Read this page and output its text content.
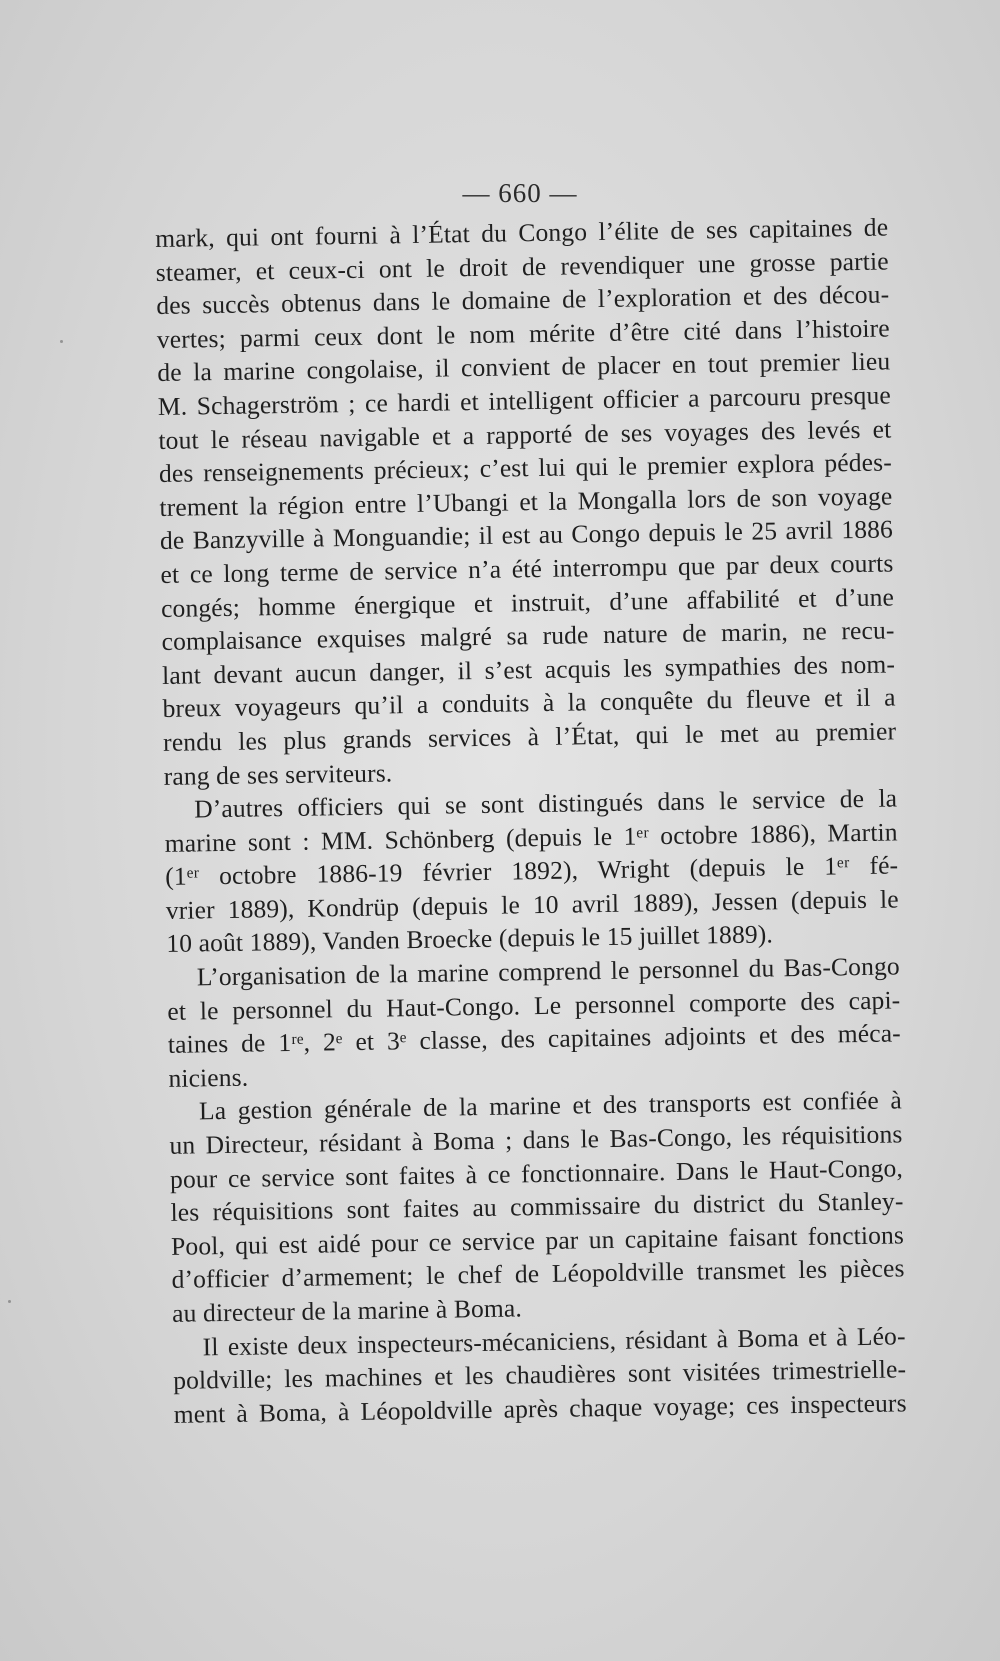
— 660 —
mark, qui ont fourni à l’État du Congo l’élite de ses capitaines de
steamer, et ceux-ci ont le droit de revendiquer une grosse partie
des succès obtenus dans le domaine de l’exploration et des décou-
vertes; parmi ceux dont le nom mérite d’être cité dans l’histoire
de la marine congolaise, il convient de placer en tout premier lieu
M. Schagerström ; ce hardi et intelligent officier a parcouru presque
tout le réseau navigable et a rapporté de ses voyages des levés et
des renseignements précieux; c’est lui qui le premier explora pédes-
trement la région entre l’Ubangi et la Mongalla lors de son voyage
de Banzyville à Monguandie; il est au Congo depuis le 25 avril 1886
et ce long terme de service n’a été interrompu que par deux courts
congés; homme énergique et instruit, d’une affabilité et d’une
complaisance exquises malgré sa rude nature de marin, ne recu-
lant devant aucun danger, il s’est acquis les sympathies des nom-
breux voyageurs qu’il a conduits à la conquête du fleuve et il a
rendu les plus grands services à l’État, qui le met au premier
rang de ses serviteurs.
D’autres officiers qui se sont distingués dans le service de la
marine sont : MM. Schönberg (depuis le 1ᵉʳ octobre 1886), Martin
(1ᵉʳ octobre 1886-19 février 1892), Wright (depuis le 1ᵉʳ fé-
vrier 1889), Kondrüp (depuis le 10 avril 1889), Jessen (depuis le
10 août 1889), Vanden Broecke (depuis le 15 juillet 1889).
L’organisation de la marine comprend le personnel du Bas-Congo
et le personnel du Haut-Congo. Le personnel comporte des capi-
taines de 1ʳᵉ, 2ᵉ et 3ᵉ classe, des capitaines adjoints et des méca-
niciens.
La gestion générale de la marine et des transports est confiée à
un Directeur, résidant à Boma ; dans le Bas-Congo, les réquisitions
pour ce service sont faites à ce fonctionnaire. Dans le Haut-Congo,
les réquisitions sont faites au commissaire du district du Stanley-
Pool, qui est aidé pour ce service par un capitaine faisant fonctions
d’officier d’armement; le chef de Léopoldville transmet les pièces
au directeur de la marine à Boma.
Il existe deux inspecteurs-mécaniciens, résidant à Boma et à Léo-
poldville; les machines et les chaudières sont visitées trimestrielle-
ment à Boma, à Léopoldville après chaque voyage; ces inspecteurs
